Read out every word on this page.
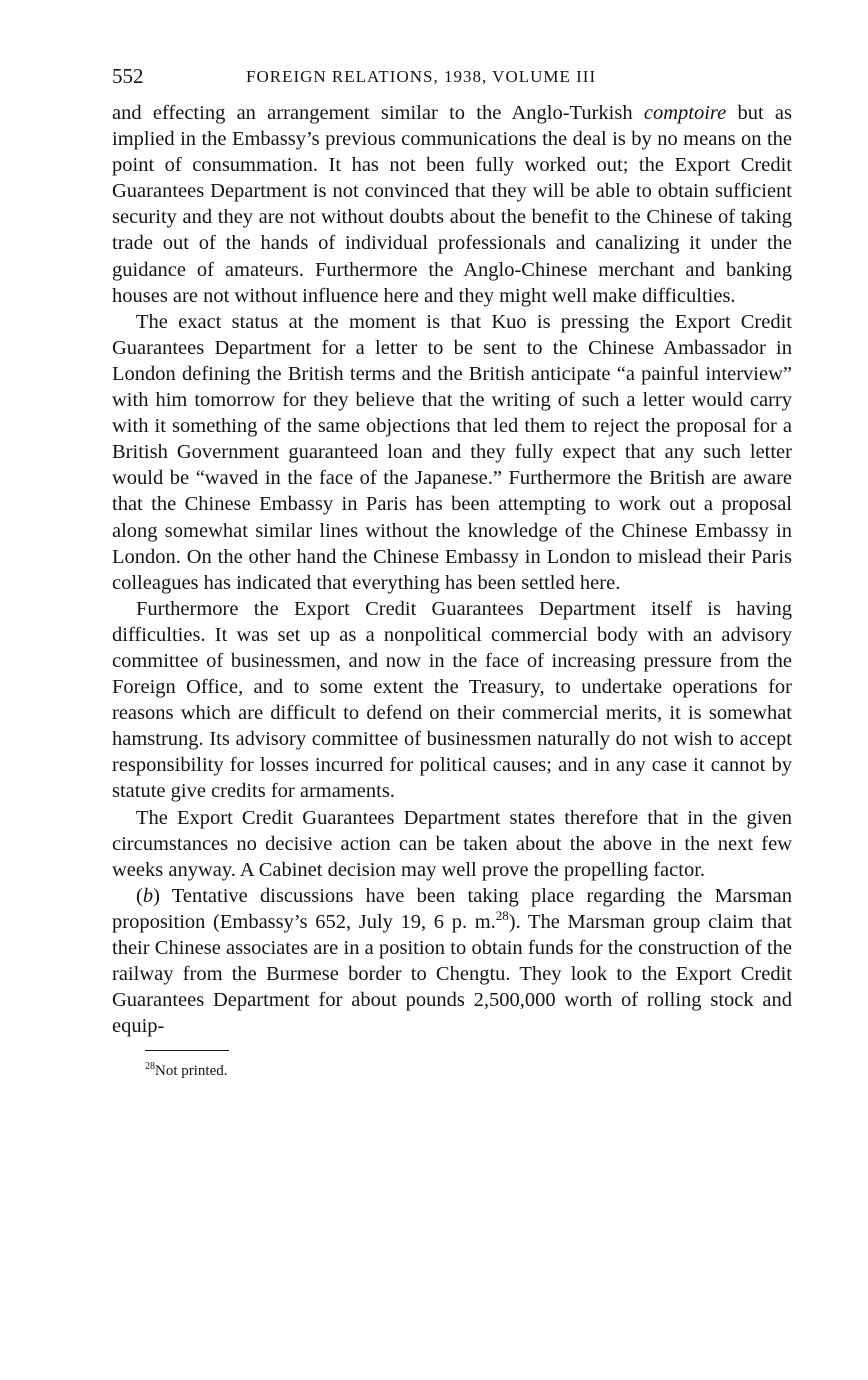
552	FOREIGN RELATIONS, 1938, VOLUME III

and effecting an arrangement similar to the Anglo-Turkish comptoire but as implied in the Embassy’s previous communications the deal is by no means on the point of consummation. It has not been fully worked out; the Export Credit Guarantees Department is not convinced that they will be able to obtain sufficient security and they are not without doubts about the benefit to the Chinese of taking trade out of the hands of individual professionals and canalizing it under the guidance of amateurs. Furthermore the Anglo-Chinese merchant and banking houses are not without influence here and they might well make difficulties.

The exact status at the moment is that Kuo is pressing the Export Credit Guarantees Department for a letter to be sent to the Chinese Ambassador in London defining the British terms and the British anticipate “a painful interview” with him tomorrow for they believe that the writing of such a letter would carry with it something of the same objections that led them to reject the proposal for a British Government guaranteed loan and they fully expect that any such letter would be “waved in the face of the Japanese.” Furthermore the British are aware that the Chinese Embassy in Paris has been attempting to work out a proposal along somewhat similar lines without the knowledge of the Chinese Embassy in London. On the other hand the Chinese Embassy in London to mislead their Paris colleagues has indicated that everything has been settled here.

Furthermore the Export Credit Guarantees Department itself is having difficulties. It was set up as a nonpolitical commercial body with an advisory committee of businessmen, and now in the face of increasing pressure from the Foreign Office, and to some extent the Treasury, to undertake operations for reasons which are difficult to defend on their commercial merits, it is somewhat hamstrung. Its advisory committee of businessmen naturally do not wish to accept responsibility for losses incurred for political causes; and in any case it cannot by statute give credits for armaments.

The Export Credit Guarantees Department states therefore that in the given circumstances no decisive action can be taken about the above in the next few weeks anyway. A Cabinet decision may well prove the propelling factor.

(b) Tentative discussions have been taking place regarding the Marsman proposition (Embassy’s 652, July 19, 6 p. m.$^{28}$). The Marsman group claim that their Chinese associates are in a position to obtain funds for the construction of the railway from the Burmese border to Chengtu. They look to the Export Credit Guarantees Department for about pounds 2,500,000 worth of rolling stock and equip-

$^{28}$Not printed.
